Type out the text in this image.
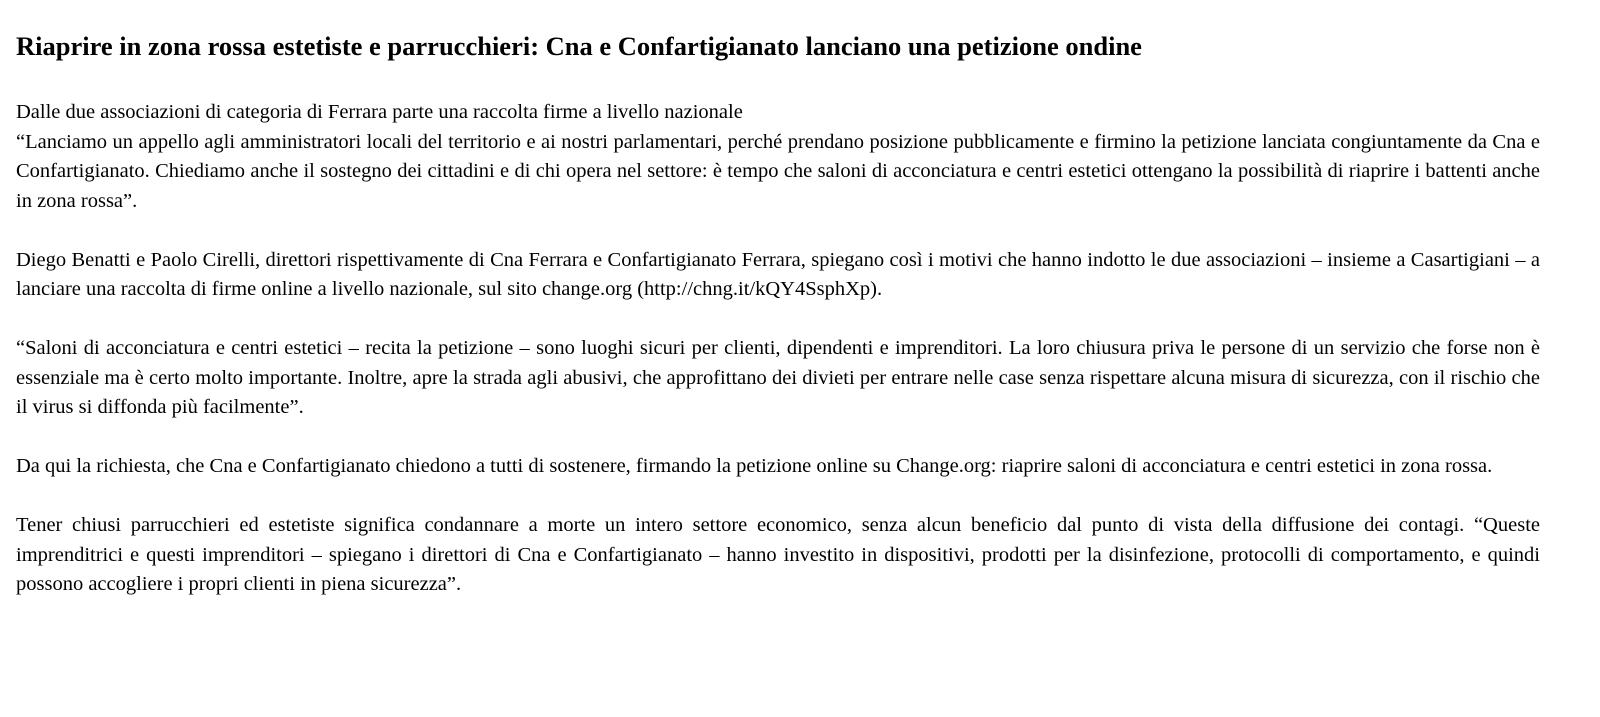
Riaprire in zona rossa estetiste e parrucchieri: Cna e Confartigianato lanciano una petizione ondine

Dalle due associazioni di categoria di Ferrara parte una raccolta firme a livello nazionale

“Lanciamo un appello agli amministratori locali del territorio e ai nostri parlamentari, perché prendano posizione pubblicamente e firmino la petizione lanciata congiuntamente da Cna e Confartigianato. Chiediamo anche il sostegno dei cittadini e di chi opera nel settore: è tempo che saloni di acconciatura e centri estetici ottengano la possibilità di riaprire i battenti anche in zona rossa”.

Diego Benatti e Paolo Cirelli, direttori rispettivamente di Cna Ferrara e Confartigianato Ferrara, spiegano così i motivi che hanno indotto le due associazioni – insieme a Casartigiani – a lanciare una raccolta di firme online a livello nazionale, sul sito change.org (http://chng.it/kQY4SsphXp).

“Saloni di acconciatura e centri estetici – recita la petizione – sono luoghi sicuri per clienti, dipendenti e imprenditori. La loro chiusura priva le persone di un servizio che forse non è essenziale ma è certo molto importante. Inoltre, apre la strada agli abusivi, che approfittano dei divieti per entrare nelle case senza rispettare alcuna misura di sicurezza, con il rischio che il virus si diffonda più facilmente”.

Da qui la richiesta, che Cna e Confartigianato chiedono a tutti di sostenere, firmando la petizione online su Change.org: riaprire saloni di acconciatura e centri estetici in zona rossa.

Tener chiusi parrucchieri ed estetiste significa condannare a morte un intero settore economico, senza alcun beneficio dal punto di vista della diffusione dei contagi. “Queste imprenditrici e questi imprenditori – spiegano i direttori di Cna e Confartigianato – hanno investito in dispositivi, prodotti per la disinfezione, protocolli di comportamento, e quindi possono accogliere i propri clienti in piena sicurezza”.
